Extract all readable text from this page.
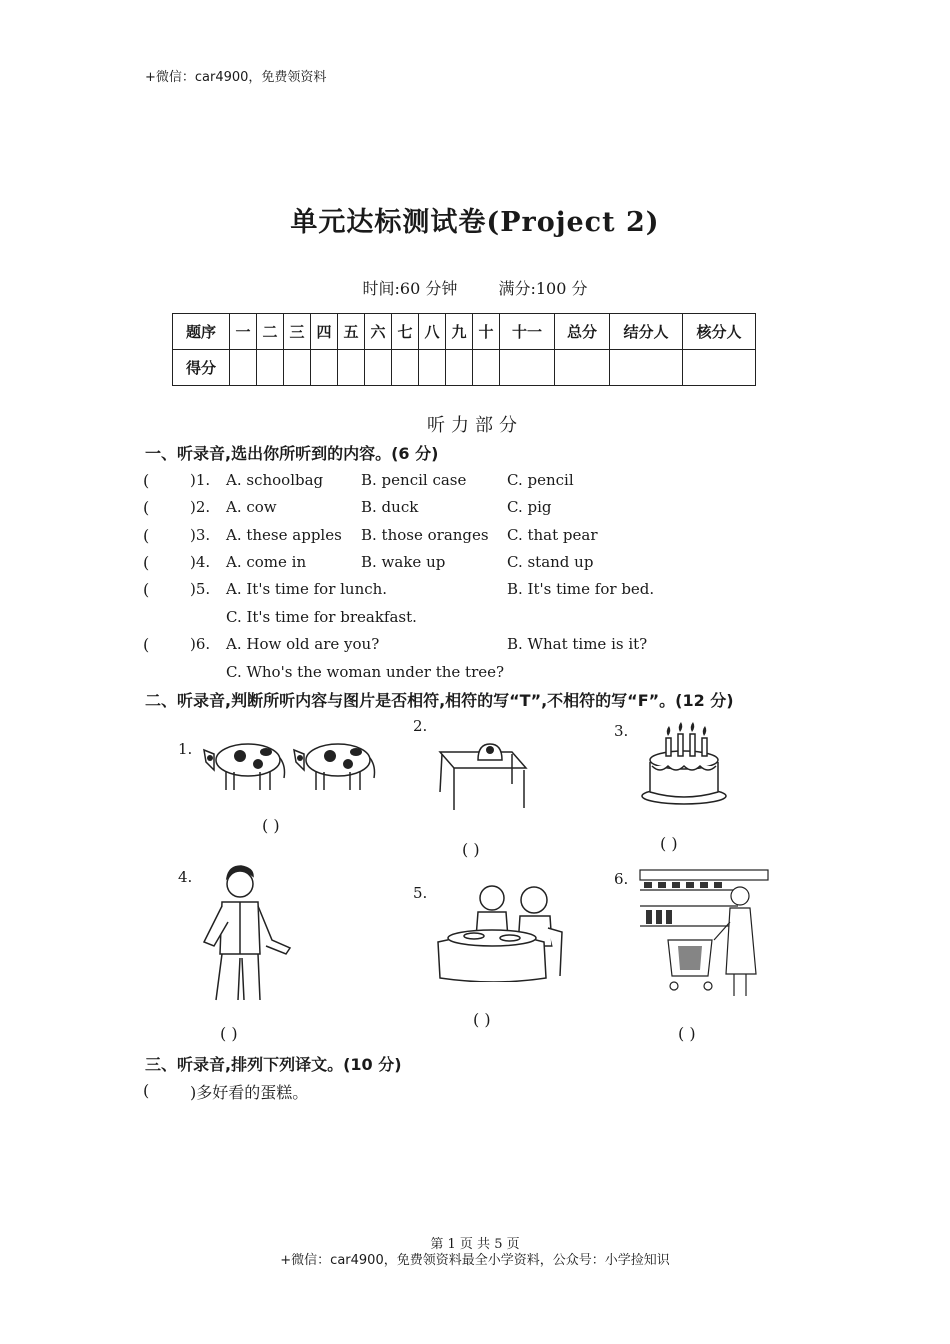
+微信：car4900，免费领资料
单元达标测试卷(Project 2)
时间:60 分钟	满分:100 分
题序	一	二	三	四	五	六	七	八	九	十	十一	总分	结分人	核分人
得分														
听力部分
一、听录音,选出你所听到的内容。(6 分)
(	)1. A. schoolbag	B. pencil case	C. pencil
(	)2. A. cow	B. duck	C. pig
(	)3. A. these apples B. those oranges C. that pear
(	)4. A. come in	B. wake up	C. stand up
(	)5. A. It's time for lunch.	B. It's time for bed.
C. It's time for breakfast.
(	)6. A. How old are you?	B. What time is it?
C. Who's the woman under the tree?
二、听录音,判断所听内容与图片是否相符,相符的写“T”,不相符的写“F”。(12 分)
1.
( )
2.
( )
3.
( )
4.
( )
5.
( )
6.
( )
三、听录音,排列下列译文。(10 分)
(	)多好看的蛋糕。
第 1 页 共 5 页
+微信：car4900，免费领资料最全小学资料，公众号：小学捡知识
